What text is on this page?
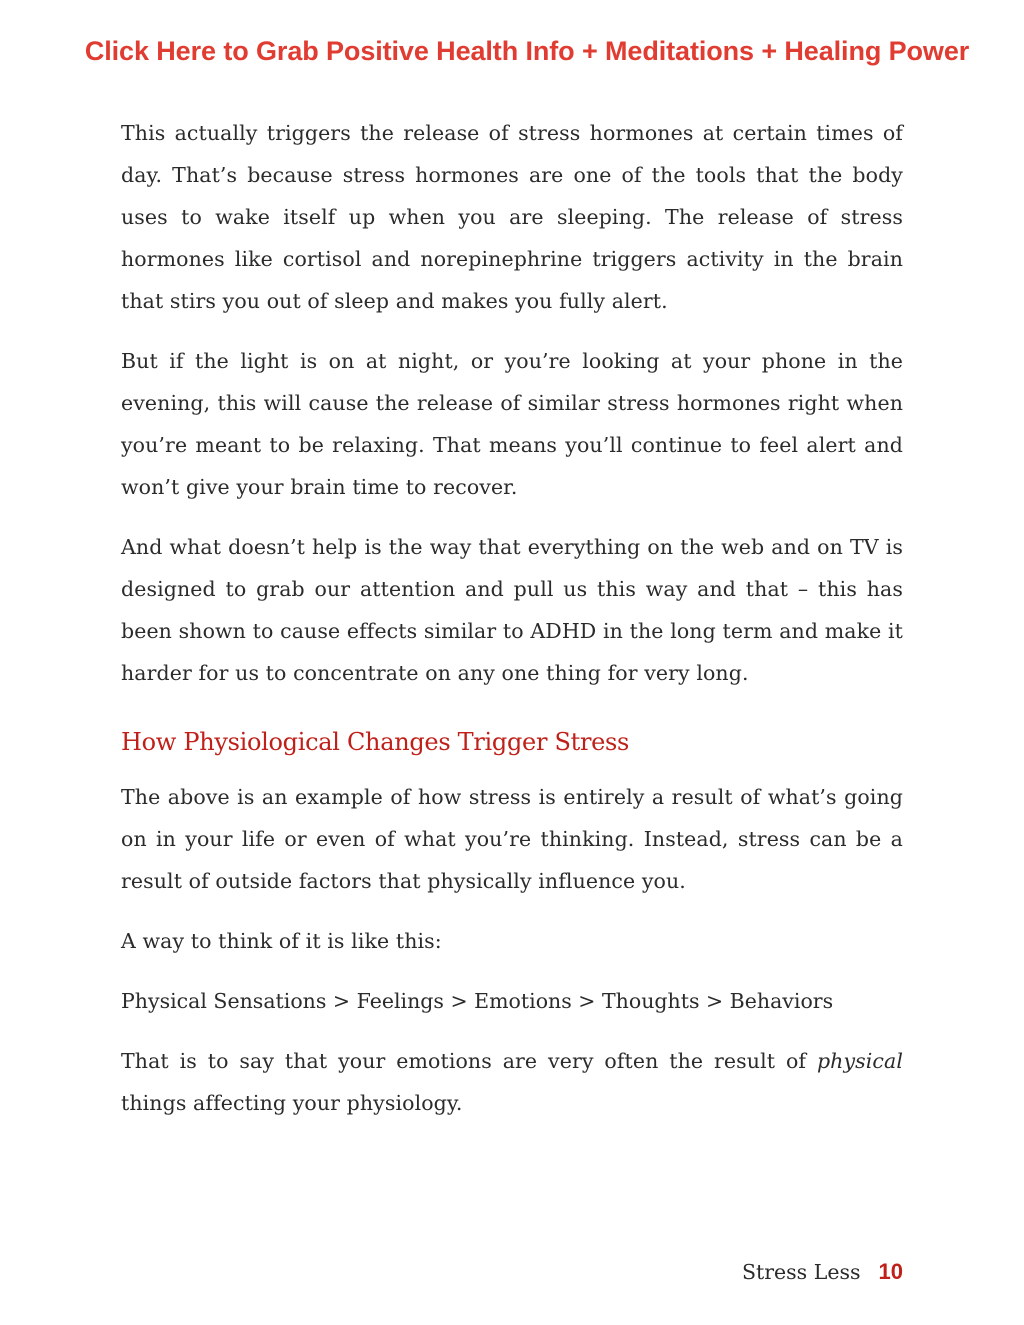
Click Here to Grab Positive Health Info + Meditations + Healing Power

This actually triggers the release of stress hormones at certain times of day. That’s because stress hormones are one of the tools that the body uses to wake itself up when you are sleeping. The release of stress hormones like cortisol and norepinephrine triggers activity in the brain that stirs you out of sleep and makes you fully alert.

But if the light is on at night, or you’re looking at your phone in the evening, this will cause the release of similar stress hormones right when you’re meant to be relaxing. That means you’ll continue to feel alert and won’t give your brain time to recover.

And what doesn’t help is the way that everything on the web and on TV is designed to grab our attention and pull us this way and that – this has been shown to cause effects similar to ADHD in the long term and make it harder for us to concentrate on any one thing for very long.

How Physiological Changes Trigger Stress

The above is an example of how stress is entirely a result of what’s going on in your life or even of what you’re thinking. Instead, stress can be a result of outside factors that physically influence you.

A way to think of it is like this:

Physical Sensations > Feelings > Emotions > Thoughts > Behaviors

That is to say that your emotions are very often the result of physical things affecting your physiology.

Stress Less 10
